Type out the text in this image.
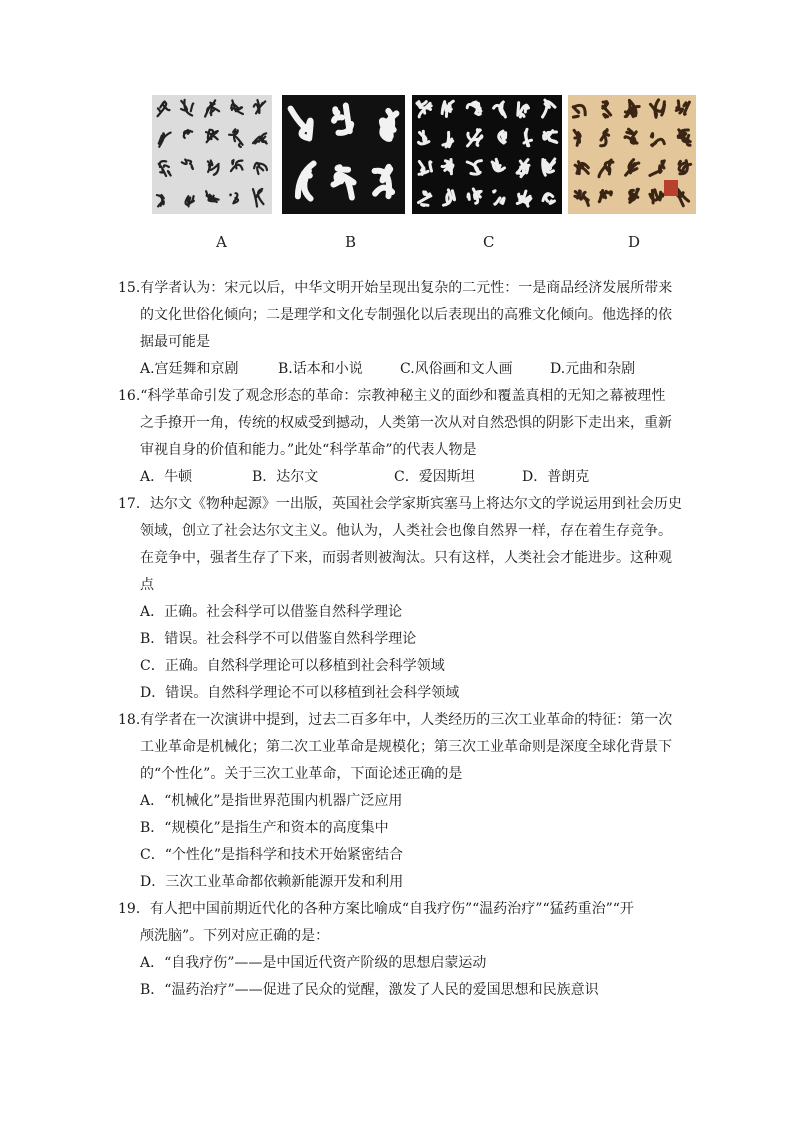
A	B	C	D
15.有学者认为：宋元以后，中华文明开始呈现出复杂的二元性：一是商品经济发展所带来
的文化世俗化倾向；二是理学和文化专制强化以后表现出的高雅文化倾向。他选择的依
据最可能是
A.宫廷舞和京剧	B.话本和小说	C.风俗画和文人画	D.元曲和杂剧
16.“科学革命引发了观念形态的革命：宗教神秘主义的面纱和覆盖真相的无知之幕被理性
之手撩开一角，传统的权威受到撼动，人类第一次从对自然恐惧的阴影下走出来，重新
审视自身的价值和能力。”此处“科学革命”的代表人物是
A．牛顿	B．达尔文	C．爱因斯坦	D．普朗克
17．达尔文《物种起源》一出版，英国社会学家斯宾塞马上将达尔文的学说运用到社会历史
领域，创立了社会达尔文主义。他认为，人类社会也像自然界一样，存在着生存竞争。
在竞争中，强者生存了下来，而弱者则被淘汰。只有这样，人类社会才能进步。这种观
点
A．正确。社会科学可以借鉴自然科学理论
B．错误。社会科学不可以借鉴自然科学理论
C．正确。自然科学理论可以移植到社会科学领域
D．错误。自然科学理论不可以移植到社会科学领域
18.有学者在一次演讲中提到，过去二百多年中，人类经历的三次工业革命的特征：第一次
工业革命是机械化；第二次工业革命是规模化；第三次工业革命则是深度全球化背景下
的“个性化”。关于三次工业革命，下面论述正确的是
A．“机械化”是指世界范围内机器广泛应用
B．“规模化”是指生产和资本的高度集中
C．“个性化”是指科学和技术开始紧密结合
D．三次工业革命都依赖新能源开发和利用
19．有人把中国前期近代化的各种方案比喻成“自我疗伤”“温药治疗”“猛药重治”“开
颅洗脑”。下列对应正确的是：
A．“自我疗伤”——是中国近代资产阶级的思想启蒙运动
B．“温药治疗”——促进了民众的觉醒，激发了人民的爱国思想和民族意识
